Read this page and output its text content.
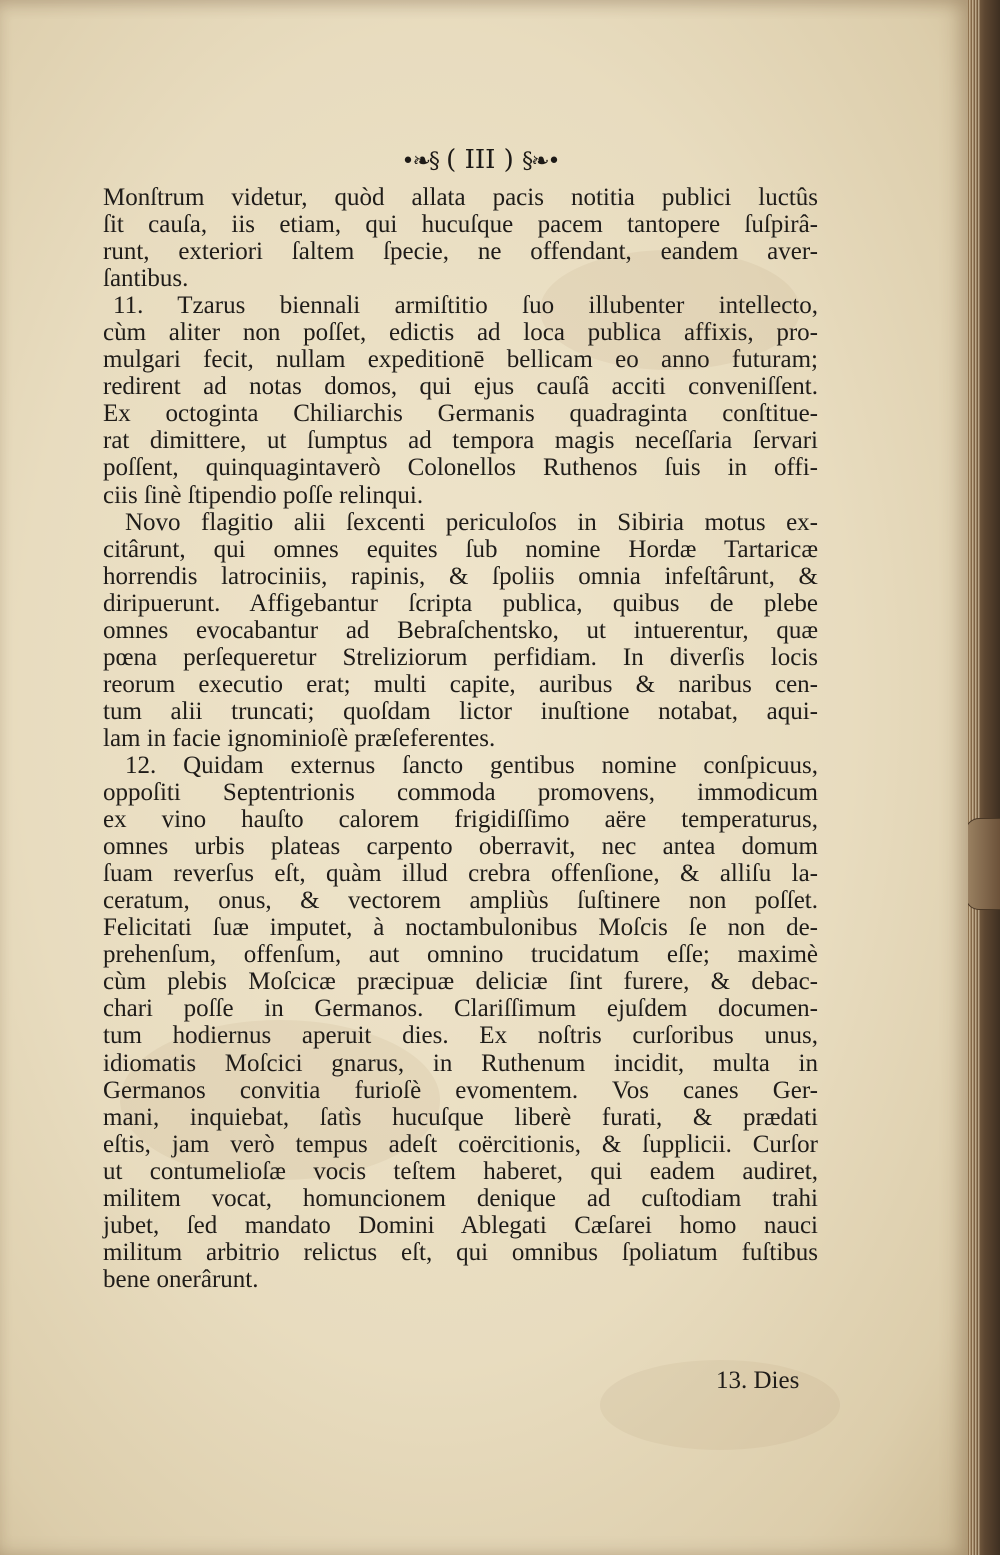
•❧§ ( III ) §❧•
Monſtrum videtur, quòd allata pacis notitia publici luctûs
ſit cauſa, iis etiam, qui hucuſque pacem tantopere ſuſpirâ-
runt, exteriori ſaltem ſpecie, ne offendant, eandem aver-
ſantibus.
11. Tzarus biennali armiſtitio ſuo illubenter intellecto,
cùm aliter non poſſet, edictis ad loca publica affixis, pro-
mulgari fecit, nullam expeditionē bellicam eo anno futuram;
redirent ad notas domos, qui ejus cauſâ acciti conveniſſent.
Ex octoginta Chiliarchis Germanis quadraginta conſtitue-
rat dimittere, ut ſumptus ad tempora magis neceſſaria ſervari
poſſent, quinquagintaverò Colonellos Ruthenos ſuis in offi-
ciis ſinè ſtipendio poſſe relinqui.
Novo flagitio alii ſexcenti periculoſos in Sibiria motus ex-
citârunt, qui omnes equites ſub nomine Hordæ Tartaricæ
horrendis latrociniis, rapinis, & ſpoliis omnia infeſtârunt, &
diripuerunt. Affigebantur ſcripta publica, quibus de plebe
omnes evocabantur ad Bebraſchentsko, ut intuerentur, quæ
pœna perſequeretur Streliziorum perfidiam. In diverſis locis
reorum executio erat; multi capite, auribus & naribus cen-
tum alii truncati; quoſdam lictor inuſtione notabat, aqui-
lam in facie ignominioſè præſeferentes.
12. Quidam externus ſancto gentibus nomine conſpicuus,
oppoſiti Septentrionis commoda promovens, immodicum
ex vino hauſto calorem frigidiſſimo aëre temperaturus,
omnes urbis plateas carpento oberravit, nec antea domum
ſuam reverſus eſt, quàm illud crebra offenſione, & alliſu la-
ceratum, onus, & vectorem ampliùs ſuſtinere non poſſet.
Felicitati ſuæ imputet, à noctambulonibus Moſcis ſe non de-
prehenſum, offenſum, aut omnino trucidatum eſſe; maximè
cùm plebis Moſcicæ præcipuæ deliciæ ſint furere, & debac-
chari poſſe in Germanos. Clariſſimum ejuſdem documen-
tum hodiernus aperuit dies. Ex noſtris curſoribus unus,
idiomatis Moſcici gnarus, in Ruthenum incidit, multa in
Germanos convitia furioſè evomentem. Vos canes Ger-
mani, inquiebat, ſatìs hucuſque liberè furati, & prædati
eſtis, jam verò tempus adeſt coërcitionis, & ſupplicii. Curſor
ut contumelioſæ vocis teſtem haberet, qui eadem audiret,
militem vocat, homuncionem denique ad cuſtodiam trahi
jubet, ſed mandato Domini Ablegati Cæſarei homo nauci
militum arbitrio relictus eſt, qui omnibus ſpoliatum fuſtibus
bene onerârunt.
13. Dies
